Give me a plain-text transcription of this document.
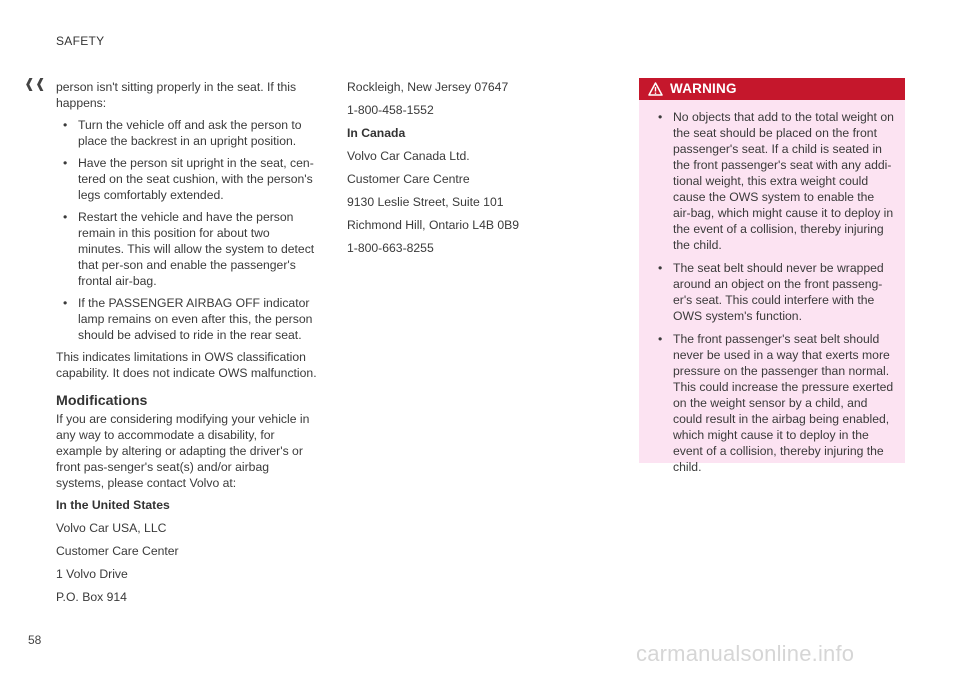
SAFETY
❰❰ person isn't sitting properly in the seat. If this happens:

• Turn the vehicle off and ask the person to place the backrest in an upright position.
• Have the person sit upright in the seat, cen-tered on the seat cushion, with the person's legs comfortably extended.
• Restart the vehicle and have the person remain in this position for about two minutes. This will allow the system to detect that per-son and enable the passenger's frontal air-bag.
• If the PASSENGER AIRBAG OFF indicator lamp remains on even after this, the person should be advised to ride in the rear seat.

This indicates limitations in OWS classification capability. It does not indicate OWS malfunction.

Modifications

If you are considering modifying your vehicle in any way to accommodate a disability, for example by altering or adapting the driver's or front pas-senger's seat(s) and/or airbag systems, please contact Volvo at:

In the United States

Volvo Car USA, LLC

Customer Care Center

1 Volvo Drive

P.O. Box 914

Rockleigh, New Jersey 07647

1-800-458-1552

In Canada

Volvo Car Canada Ltd.

Customer Care Centre

9130 Leslie Street, Suite 101

Richmond Hill, Ontario L4B 0B9

1-800-663-8255

WARNING
• No objects that add to the total weight on the seat should be placed on the front passenger's seat. If a child is seated in the front passenger's seat with any addi-tional weight, this extra weight could cause the OWS system to enable the air-bag, which might cause it to deploy in the event of a collision, thereby injuring the child.
• The seat belt should never be wrapped around an object on the front passeng-er's seat. This could interfere with the OWS system's function.
• The front passenger's seat belt should never be used in a way that exerts more pressure on the passenger than normal. This could increase the pressure exerted on the weight sensor by a child, and could result in the airbag being enabled, which might cause it to deploy in the event of a collision, thereby injuring the child.
58
carmanualsonline.info
